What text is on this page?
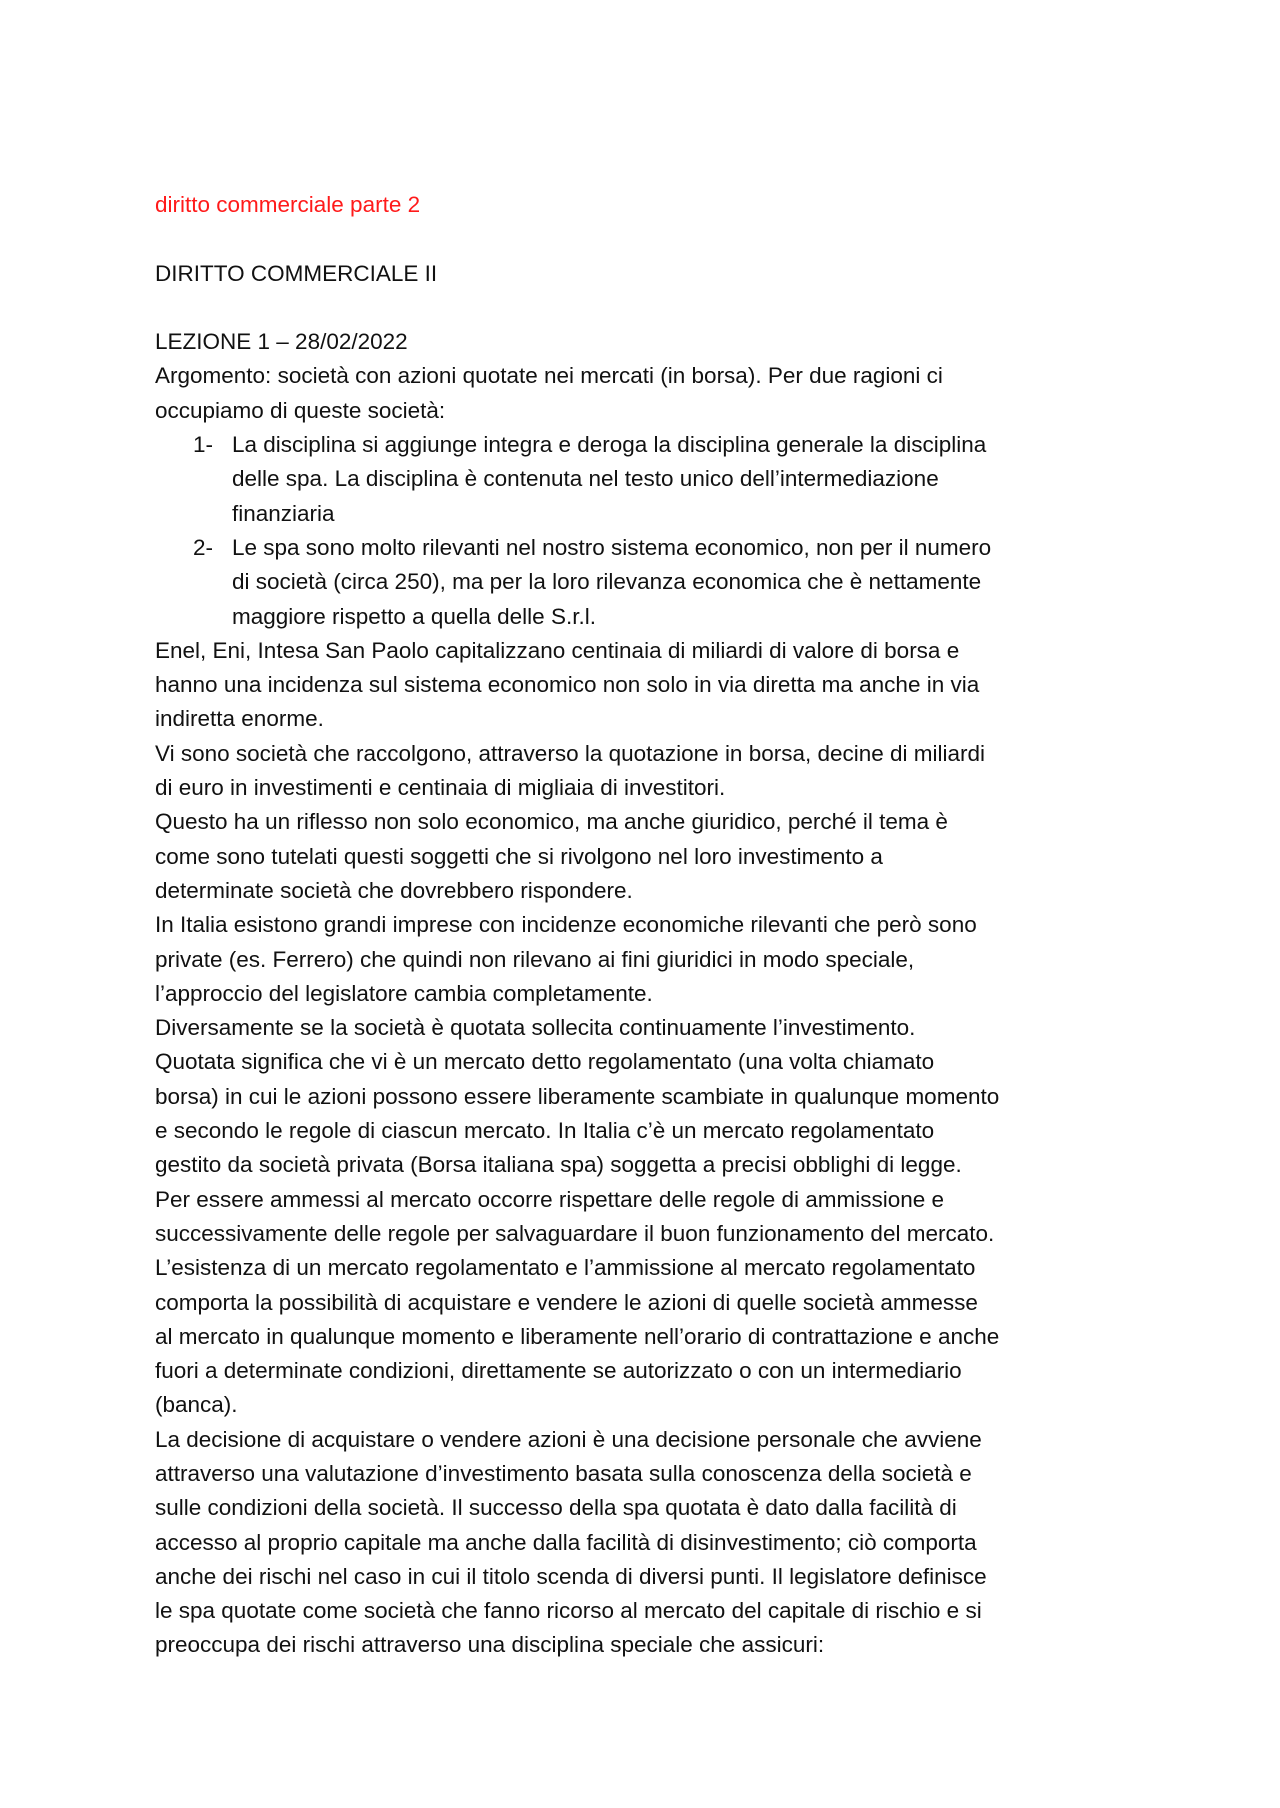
diritto commerciale parte 2
DIRITTO COMMERCIALE II
LEZIONE 1 – 28/02/2022
Argomento: società con azioni quotate nei mercati (in borsa). Per due ragioni ci
occupiamo di queste società:
1- La disciplina si aggiunge integra e deroga la disciplina generale la disciplina
delle spa. La disciplina è contenuta nel testo unico dell’intermediazione
finanziaria
2- Le spa sono molto rilevanti nel nostro sistema economico, non per il numero
di società (circa 250), ma per la loro rilevanza economica che è nettamente
maggiore rispetto a quella delle S.r.l.
Enel, Eni, Intesa San Paolo capitalizzano centinaia di miliardi di valore di borsa e
hanno una incidenza sul sistema economico non solo in via diretta ma anche in via
indiretta enorme.
Vi sono società che raccolgono, attraverso la quotazione in borsa, decine di miliardi
di euro in investimenti e centinaia di migliaia di investitori.
Questo ha un riflesso non solo economico, ma anche giuridico, perché il tema è
come sono tutelati questi soggetti che si rivolgono nel loro investimento a
determinate società che dovrebbero rispondere.
In Italia esistono grandi imprese con incidenze economiche rilevanti che però sono
private (es. Ferrero) che quindi non rilevano ai fini giuridici in modo speciale,
l’approccio del legislatore cambia completamente.
Diversamente se la società è quotata sollecita continuamente l’investimento.
Quotata significa che vi è un mercato detto regolamentato (una volta chiamato
borsa) in cui le azioni possono essere liberamente scambiate in qualunque momento
e secondo le regole di ciascun mercato. In Italia c’è un mercato regolamentato
gestito da società privata (Borsa italiana spa) soggetta a precisi obblighi di legge.
Per essere ammessi al mercato occorre rispettare delle regole di ammissione e
successivamente delle regole per salvaguardare il buon funzionamento del mercato.
L’esistenza di un mercato regolamentato e l’ammissione al mercato regolamentato
comporta la possibilità di acquistare e vendere le azioni di quelle società ammesse
al mercato in qualunque momento e liberamente nell’orario di contrattazione e anche
fuori a determinate condizioni, direttamente se autorizzato o con un intermediario
(banca).
La decisione di acquistare o vendere azioni è una decisione personale che avviene
attraverso una valutazione d’investimento basata sulla conoscenza della società e
sulle condizioni della società. Il successo della spa quotata è dato dalla facilità di
accesso al proprio capitale ma anche dalla facilità di disinvestimento; ciò comporta
anche dei rischi nel caso in cui il titolo scenda di diversi punti. Il legislatore definisce
le spa quotate come società che fanno ricorso al mercato del capitale di rischio e si
preoccupa dei rischi attraverso una disciplina speciale che assicuri:
